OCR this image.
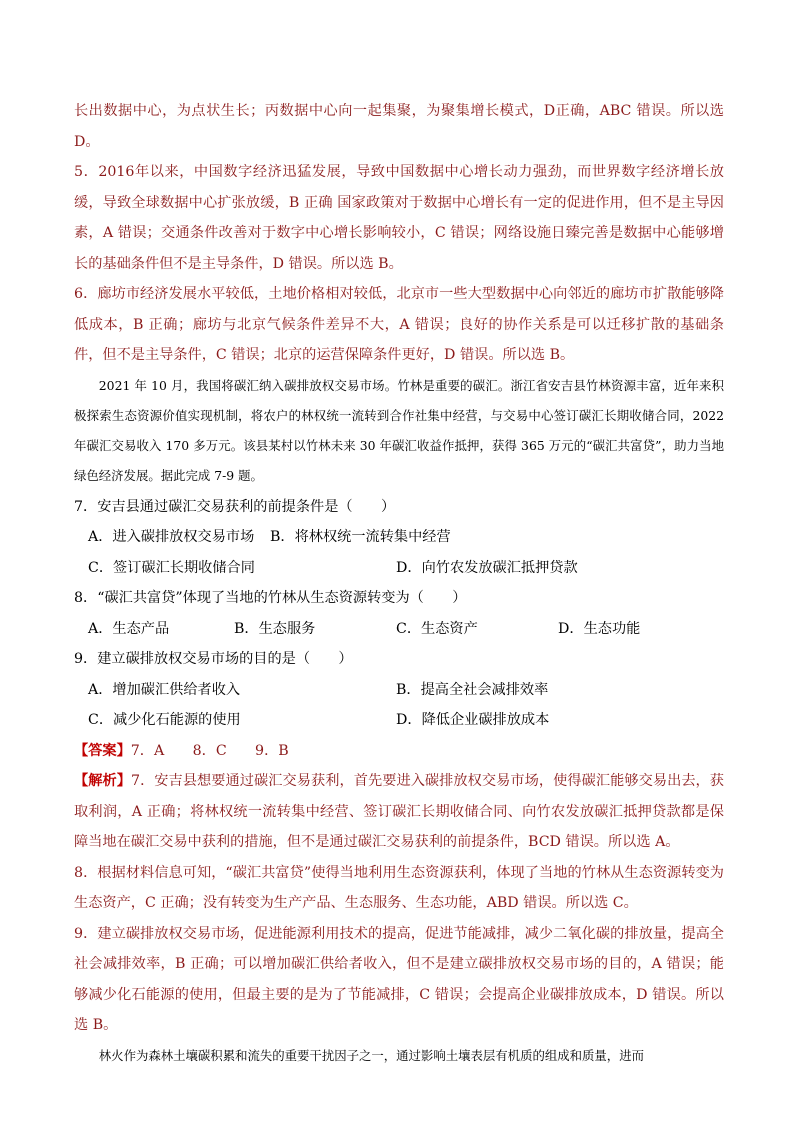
长出数据中心，为点状生长；丙数据中心向一起集聚，为聚集增长模式，D正确，ABC 错误。所以选D。

5．2016年以来，中国数字经济迅猛发展，导致中国数据中心增长动力强劲，而世界数字经济增长放缓，导致全球数据中心扩张放缓，B 正确 国家政策对于数据中心增长有一定的促进作用，但不是主导因素，A 错误；交通条件改善对于数字中心增长影响较小，C 错误；网络设施日臻完善是数据中心能够增长的基础条件但不是主导条件，D 错误。所以选 B。

6．廊坊市经济发展水平较低，土地价格相对较低，北京市一些大型数据中心向邻近的廊坊市扩散能够降低成本，B 正确；廊坊与北京气候条件差异不大，A 错误；良好的协作关系是可以迁移扩散的基础条件，但不是主导条件，C 错误；北京的运营保障条件更好，D 错误。所以选 B。

2021 年 10 月，我国将碳汇纳入碳排放权交易市场。竹林是重要的碳汇。浙江省安吉县竹林资源丰富，近年来积极探索生态资源价值实现机制，将农户的林权统一流转到合作社集中经营，与交易中心签订碳汇长期收储合同，2022 年碳汇交易收入 170 多万元。该县某村以竹林未来 30 年碳汇收益作抵押，获得 365 万元的“碳汇共富贷”，助力当地绿色经济发展。据此完成 7-9 题。

7．安吉县通过碳汇交易获利的前提条件是（　　）

A．进入碳排放权交易市场	B．将林权统一流转集中经营
C．签订碳汇长期收储合同	D．向竹农发放碳汇抵押贷款

8．“碳汇共富贷”体现了当地的竹林从生态资源转变为（　　）

A．生态产品	B．生态服务	C．生态资产	D．生态功能

9．建立碳排放权交易市场的目的是（　　）

A．增加碳汇供给者收入	B．提高全社会减排效率
C．减少化石能源的使用	D．降低企业碳排放成本

【答案】7．A　　8．C　　9．B

【解析】7．安吉县想要通过碳汇交易获利，首先要进入碳排放权交易市场，使得碳汇能够交易出去，获取利润，A 正确；将林权统一流转集中经营、签订碳汇长期收储合同、向竹农发放碳汇抵押贷款都是保障当地在碳汇交易中获利的措施，但不是通过碳汇交易获利的前提条件，BCD 错误。所以选 A。

8．根据材料信息可知，“碳汇共富贷”使得当地利用生态资源获利，体现了当地的竹林从生态资源转变为生态资产，C 正确；没有转变为生产产品、生态服务、生态功能，ABD 错误。所以选 C。

9．建立碳排放权交易市场，促进能源利用技术的提高，促进节能减排，减少二氧化碳的排放量，提高全社会减排效率，B 正确；可以增加碳汇供给者收入，但不是建立碳排放权交易市场的目的，A 错误；能够减少化石能源的使用，但最主要的是为了节能减排，C 错误；会提高企业碳排放成本，D 错误。所以选 B。

林火作为森林土壤碳积累和流失的重要干扰因子之一，通过影响土壤表层有机质的组成和质量，进而
